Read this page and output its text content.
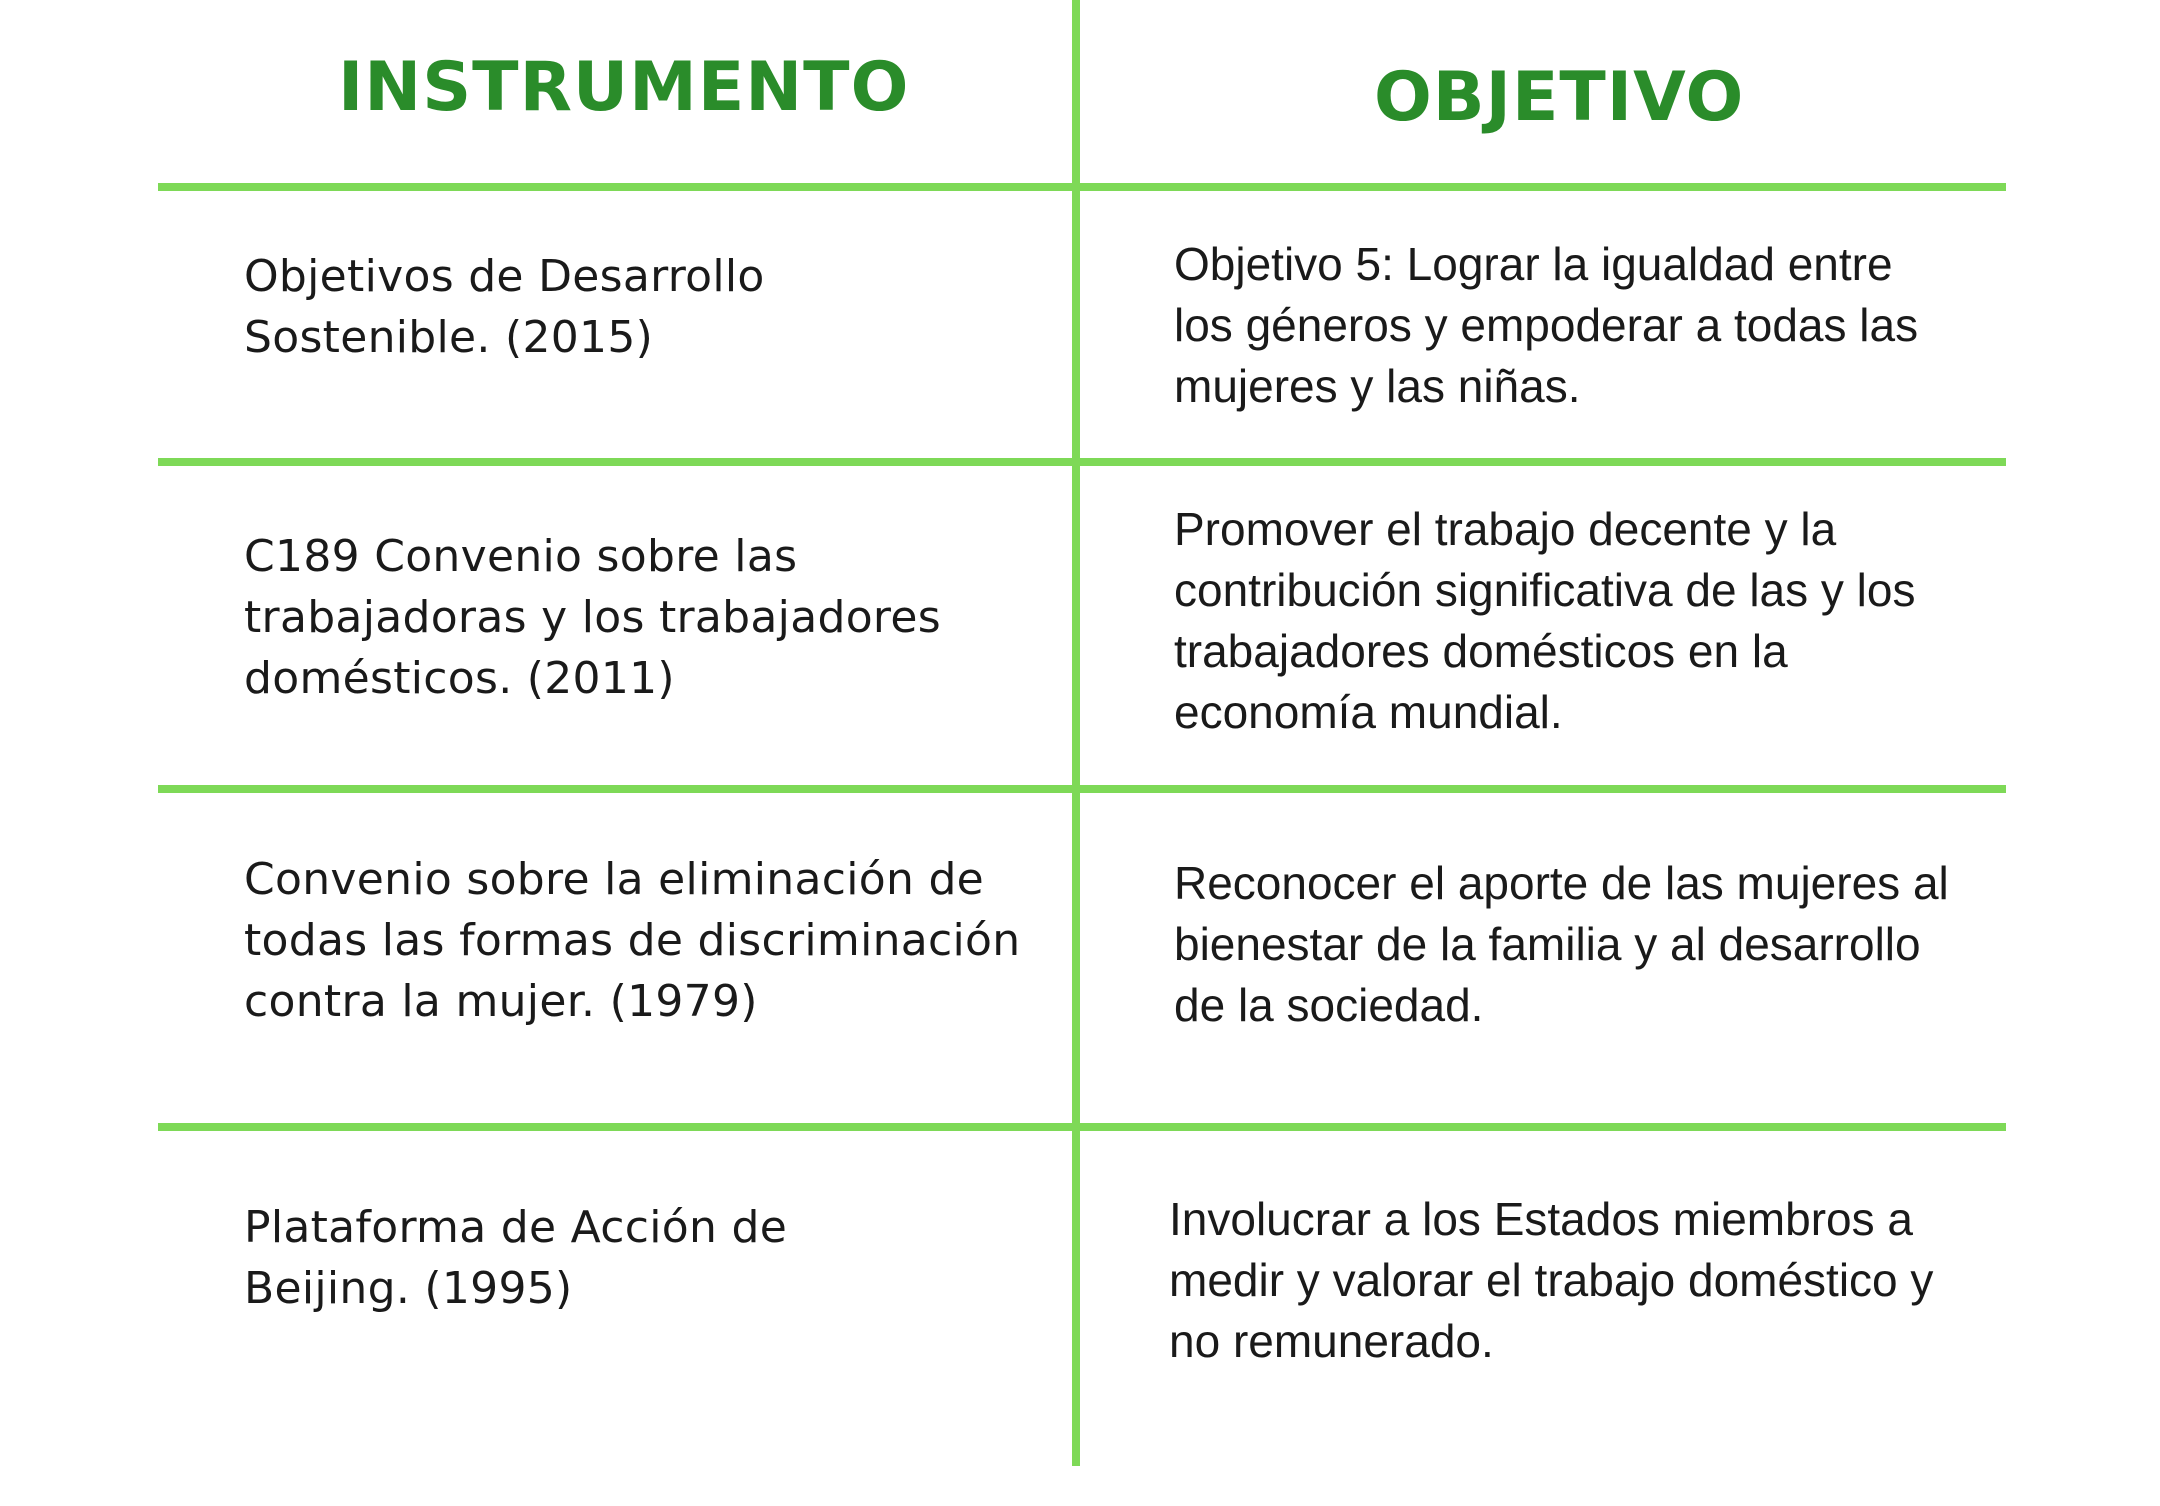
INSTRUMENTO	OBJETIVO
Objetivos de Desarrollo
Sostenible. (2015)
Objetivo 5: Lograr la igualdad entre
los géneros y empoderar a todas las
mujeres y las niñas.
C189 Convenio sobre las
trabajadoras y los trabajadores
domésticos. (2011)
Promover el trabajo decente y la
contribución significativa de las y los
trabajadores domésticos en la
economía mundial.
Convenio sobre la eliminación de
todas las formas de discriminación
contra la mujer. (1979)
Reconocer el aporte de las mujeres al
bienestar de la familia y al desarrollo
de la sociedad.
Plataforma de Acción de
Beijing. (1995)
Involucrar a los Estados miembros a
medir y valorar el trabajo doméstico y
no remunerado.
